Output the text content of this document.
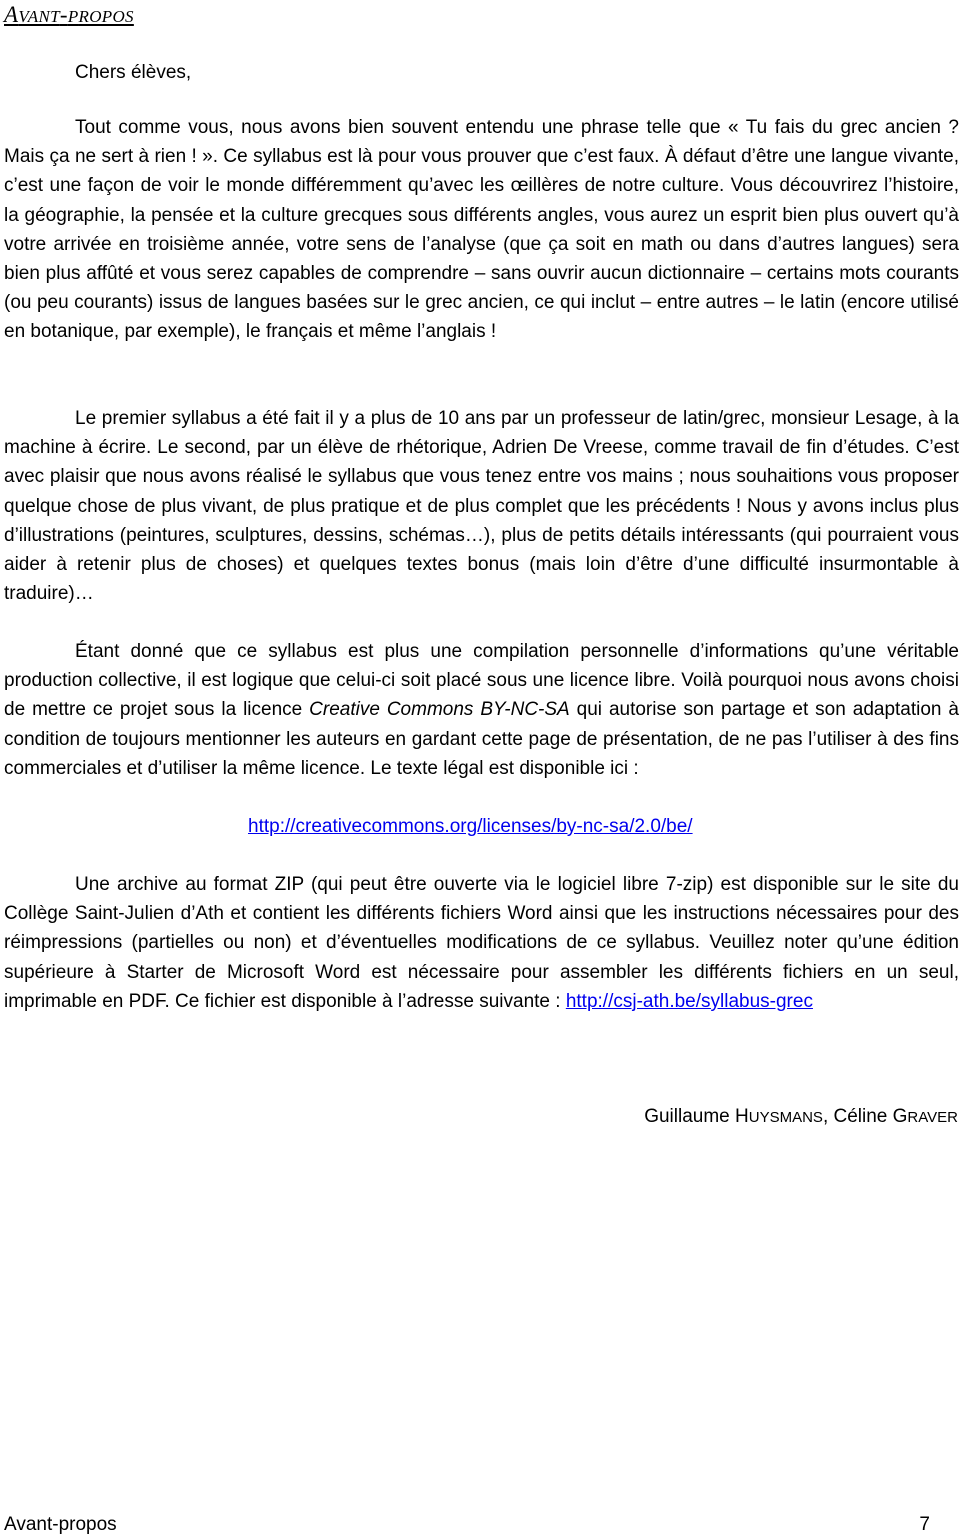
AVANT-PROPOS
Chers élèves,

Tout comme vous, nous avons bien souvent entendu une phrase telle que « Tu fais du grec ancien ? Mais ça ne sert à rien ! ». Ce syllabus est là pour vous prouver que c’est faux. À défaut d’être une langue vivante, c’est une façon de voir le monde différemment qu’avec les œillères de notre culture. Vous découvrirez l’histoire, la géographie, la pensée et la culture grecques sous différents angles, vous aurez un esprit bien plus ouvert qu’à votre arrivée en troisième année, votre sens de l’analyse (que ça soit en math ou dans d’autres langues) sera bien plus affûté et vous serez capables de comprendre – sans ouvrir aucun dictionnaire – certains mots courants (ou peu courants) issus de langues basées sur le grec ancien, ce qui inclut – entre autres – le latin (encore utilisé en botanique, par exemple), le français et même l’anglais !

Le premier syllabus a été fait il y a plus de 10 ans par un professeur de latin/grec, monsieur Lesage, à la machine à écrire. Le second, par un élève de rhétorique, Adrien De Vreese, comme travail de fin d’études. C’est avec plaisir que nous avons réalisé le syllabus que vous tenez entre vos mains ; nous souhaitions vous proposer quelque chose de plus vivant, de plus pratique et de plus complet que les précédents ! Nous y avons inclus plus d’illustrations (peintures, sculptures, dessins, schémas…), plus de petits détails intéressants (qui pourraient vous aider à retenir plus de choses) et quelques textes bonus (mais loin d’être d’une difficulté insurmontable à traduire)…

Étant donné que ce syllabus est plus une compilation personnelle d’informations qu’une véritable production collective, il est logique que celui-ci soit placé sous une licence libre. Voilà pourquoi nous avons choisi de mettre ce projet sous la licence Creative Commons BY-NC-SA qui autorise son partage et son adaptation à condition de toujours mentionner les auteurs en gardant cette page de présentation, de ne pas l’utiliser à des fins commerciales et d’utiliser la même licence. Le texte légal est disponible ici :

http://creativecommons.org/licenses/by-nc-sa/2.0/be/

Une archive au format ZIP (qui peut être ouverte via le logiciel libre 7-zip) est disponible sur le site du Collège Saint-Julien d’Ath et contient les différents fichiers Word ainsi que les instructions nécessaires pour des réimpressions (partielles ou non) et d’éventuelles modifications de ce syllabus. Veuillez noter qu’une édition supérieure à Starter de Microsoft Word est nécessaire pour assembler les différents fichiers en un seul, imprimable en PDF. Ce fichier est disponible à l’adresse suivante : http://csj-ath.be/syllabus-grec

Guillaume HUYSMANS, Céline GRAVER
Avant-propos	7
